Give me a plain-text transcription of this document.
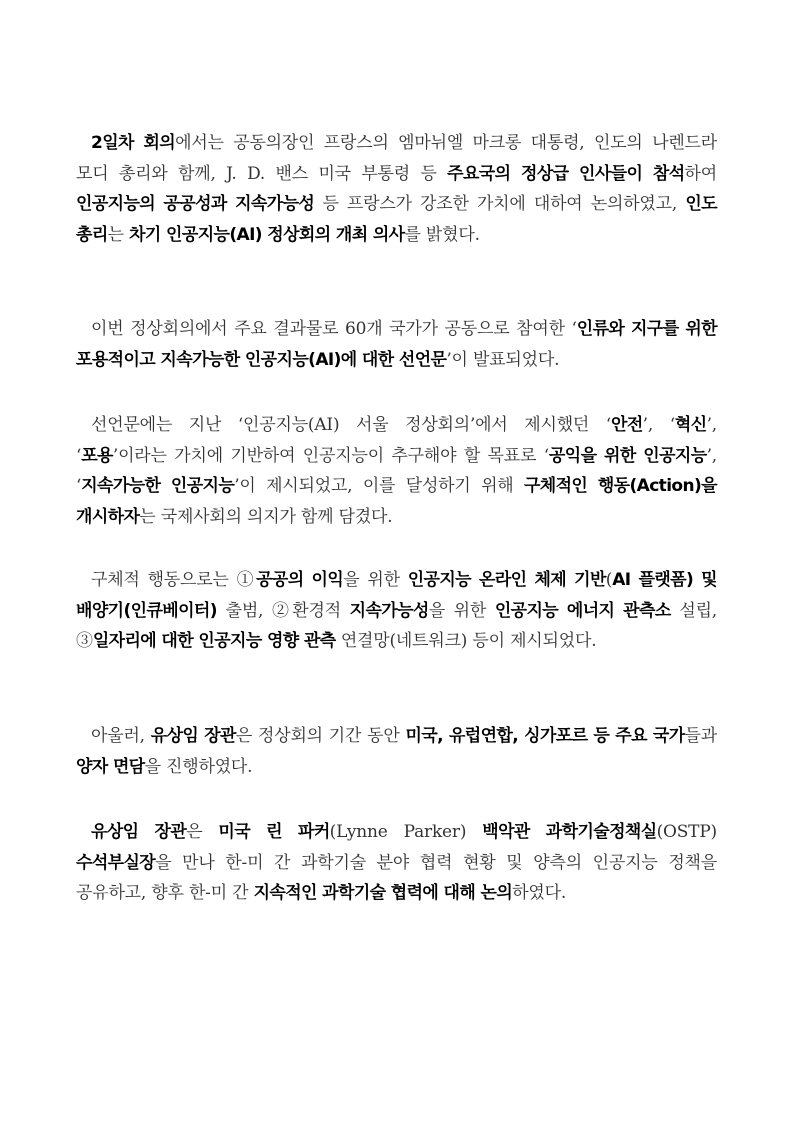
2일차 회의에서는 공동의장인 프랑스의 엠마뉘엘 마크롱 대통령, 인도의 나렌드라 모디 총리와 함께, J. D. 밴스 미국 부통령 등 주요국의 정상급 인사들이 참석하여 인공지능의 공공성과 지속가능성 등 프랑스가 강조한 가치에 대하여 논의하였고, 인도 총리는 차기 인공지능(AI) 정상회의 개최 의사를 밝혔다.

이번 정상회의에서 주요 결과물로 60개 국가가 공동으로 참여한 ‘인류와 지구를 위한 포용적이고 지속가능한 인공지능(AI)에 대한 선언문’이 발표되었다.

선언문에는 지난 ‘인공지능(AI) 서울 정상회의’에서 제시했던 ‘안전’, ‘혁신’, ‘포용’이라는 가치에 기반하여 인공지능이 추구해야 할 목표로 ‘공익을 위한 인공지능’, ‘지속가능한 인공지능’이 제시되었고, 이를 달성하기 위해 구체적인 행동(Action)을 개시하자는 국제사회의 의지가 함께 담겼다.

구체적 행동으로는 ①공공의 이익을 위한 인공지능 온라인 체제 기반(AI 플랫폼) 및 배양기(인큐베이터) 출범, ②환경적 지속가능성을 위한 인공지능 에너지 관측소 설립, ③일자리에 대한 인공지능 영향 관측 연결망(네트워크) 등이 제시되었다.

아울러, 유상임 장관은 정상회의 기간 동안 미국, 유럽연합, 싱가포르 등 주요 국가들과 양자 면담을 진행하였다.

유상임 장관은 미국 린 파커(Lynne Parker) 백악관 과학기술정책실(OSTP) 수석부실장을 만나 한-미 간 과학기술 분야 협력 현황 및 양측의 인공지능 정책을 공유하고, 향후 한-미 간 지속적인 과학기술 협력에 대해 논의하였다.
